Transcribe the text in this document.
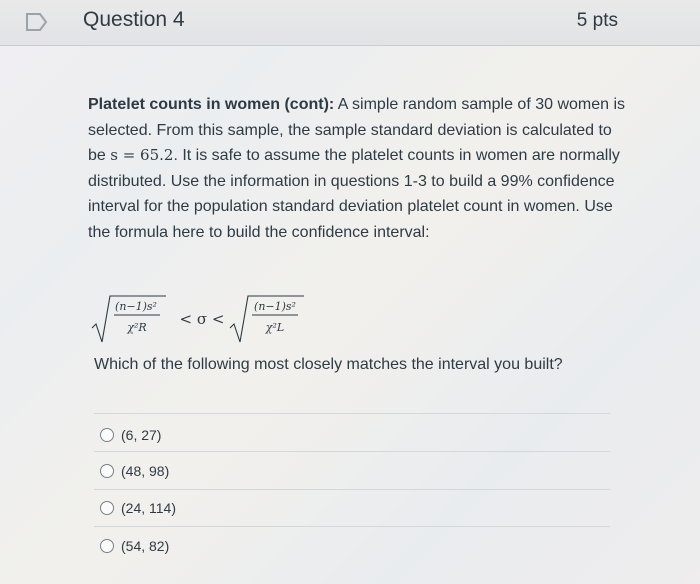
Question 4	5 pts
Platelet counts in women (cont): A simple random sample of 30 women is selected. From this sample, the sample standard deviation is calculated to be s = 65.2. It is safe to assume the platelet counts in women are normally distributed. Use the information in questions 1-3 to build a 99% confidence interval for the population standard deviation platelet count in women. Use the formula here to build the confidence interval:
(n−1)s²
χ²R < σ <
(n−1)s²
χ²L
Which of the following most closely matches the interval you built?
(6, 27)
(48, 98)
(24, 114)
(54, 82)
